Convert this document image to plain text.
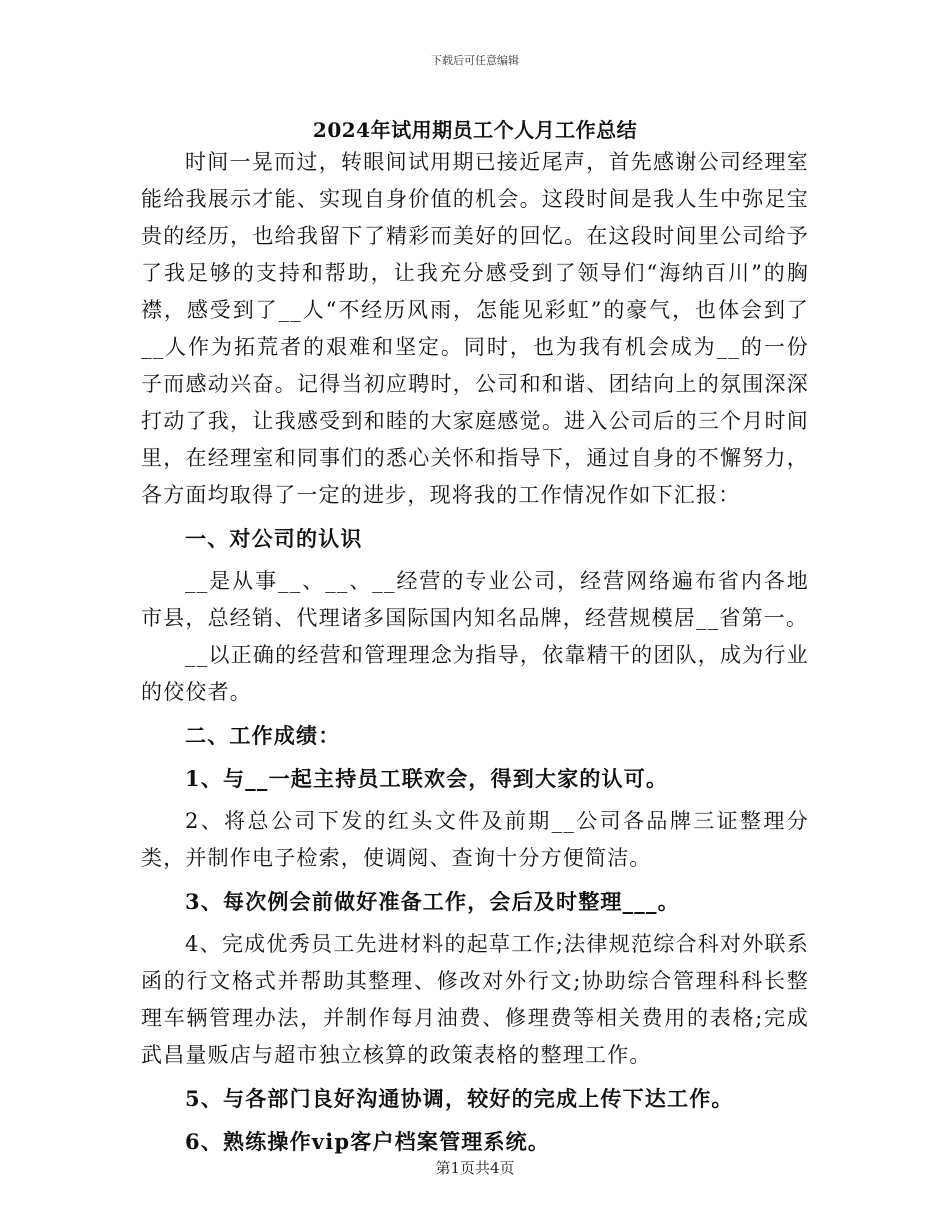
下载后可任意编辑
2024年试用期员工个人月工作总结

时间一晃而过，转眼间试用期已接近尾声，首先感谢公司经理室能给我展示才能、实现自身价值的机会。这段时间是我人生中弥足宝贵的经历，也给我留下了精彩而美好的回忆。在这段时间里公司给予了我足够的支持和帮助，让我充分感受到了领导们“海纳百川”的胸襟，感受到了__人“不经历风雨，怎能见彩虹”的豪气，也体会到了__人作为拓荒者的艰难和坚定。同时，也为我有机会成为__的一份子而感动兴奋。记得当初应聘时，公司和和谐、团结向上的氛围深深打动了我，让我感受到和睦的大家庭感觉。进入公司后的三个月时间里，在经理室和同事们的悉心关怀和指导下，通过自身的不懈努力，各方面均取得了一定的进步，现将我的工作情况作如下汇报：

一、对公司的认识

__是从事__、__、__经营的专业公司，经营网络遍布省内各地市县，总经销、代理诸多国际国内知名品牌，经营规模居__省第一。

__以正确的经营和管理理念为指导，依靠精干的团队，成为行业的佼佼者。

二、工作成绩：

1、与__一起主持员工联欢会，得到大家的认可。

2、将总公司下发的红头文件及前期__公司各品牌三证整理分类，并制作电子检索，使调阅、查询十分方便简洁。

3、每次例会前做好准备工作，会后及时整理___。

4、完成优秀员工先进材料的起草工作;法律规范综合科对外联系函的行文格式并帮助其整理、修改对外行文;协助综合管理科科长整理车辆管理办法，并制作每月油费、修理费等相关费用的表格;完成武昌量贩店与超市独立核算的政策表格的整理工作。

5、与各部门良好沟通协调，较好的完成上传下达工作。

6、熟练操作vip客户档案管理系统。

第1页共4页
